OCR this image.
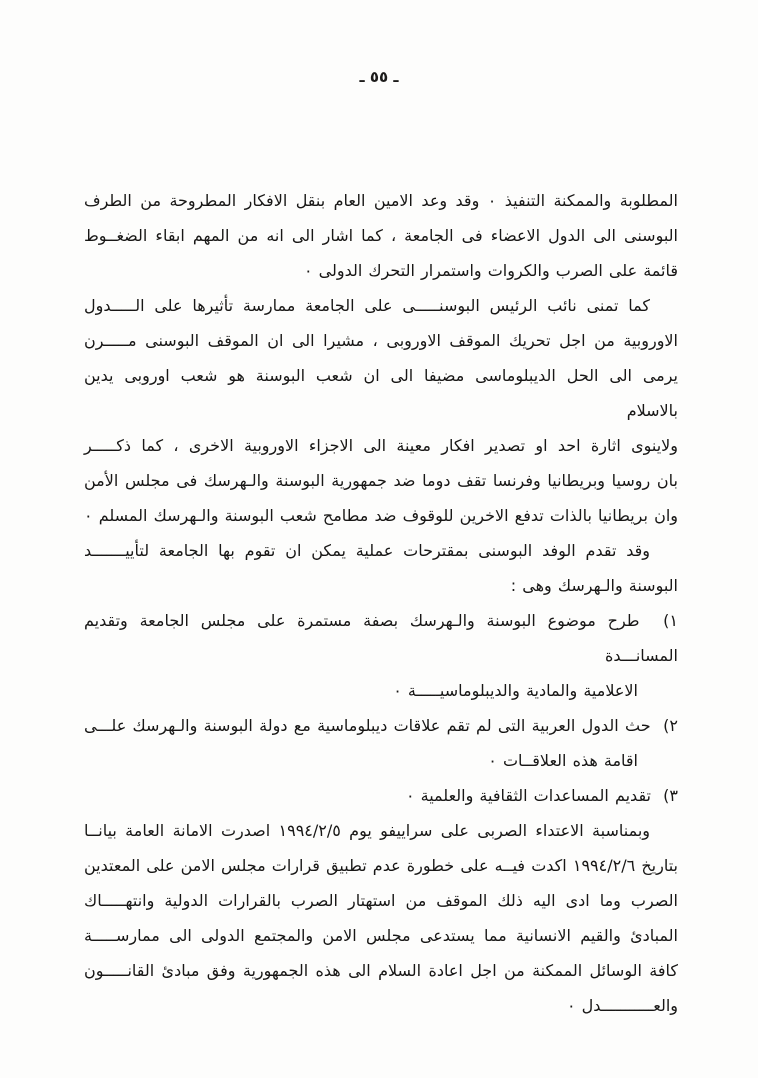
ـ ٥٥ ـ
المطلوبة والممكنة التنفيذ ٠ وقد وعد الامين العام بنقل الافكار المطروحة من الطرف
البوسنى الى الدول الاعضاء فى الجامعة ، كما اشار الى انه من المهم ابقاء الضغــوط
قائمة على الصرب والكروات واستمرار التحرك الدولى ٠
كما تمنى نائب الرئيس البوسنـــــى على الجامعة ممارسة تأثيرها على الـــــدول
الاوروبية من اجل تحريك الموقف الاوروبى ، مشيرا الى ان الموقف البوسنى مـــــرن
يرمى الى الحل الديبلوماسى مضيفا الى ان شعب البوسنة هو شعب اوروبى يدين بالاسلام
ولاينوى اثارة احد او تصدير افكار معينة الى الاجزاء الاوروبية الاخرى ، كما ذكـــــر
بان روسيا وبريطانيا وفرنسا تقف دوما ضد جمهورية البوسنة والـهرسك فى مجلس الأمن
وان بريطانيا بالذات تدفع الاخرين للوقوف ضد مطامح شعب البوسنة والـهرسك المسلم ٠
وقد تقدم الوفد البوسنى بمقترحات عملية يمكن ان تقوم بها الجامعة لتأييـــــــد
البوسنة والـهرسك وهى :
١)  طرح موضوع البوسنة والـهرسك بصفة مستمرة على مجلس الجامعة وتقديم المسانـــدة
الاعلامية والمادية والديبلوماسيـــــة ٠
٢)  حث الدول العربية التى لم تقم علاقات ديبلوماسية مع دولة البوسنة والـهرسك علـــى
اقامة هذه العلاقــات ٠
٣)  تقديم المساعدات الثقافية والعلمية ٠
وبمناسبة الاعتداء الصربى على سراييفو يوم ١٩٩٤/٢/٥ اصدرت الامانة العامة بيانــا
بتاريخ ١٩٩٤/٢/٦ اكدت فيــه على خطورة عدم تطبيق قرارات مجلس الامن على المعتدين
الصرب وما ادى اليه ذلك الموقف من استهتار الصرب بالقرارات الدولية وانتهـــــاك
المبادئ والقيم الانسانية مما يستدعى مجلس الامن والمجتمع الدولى الى ممارســـــة
كافة الوسائل الممكنة من اجل اعادة السلام الى هذه الجمهورية وفق مبادئ القانـــــون
والعـــــــــــدل ٠
